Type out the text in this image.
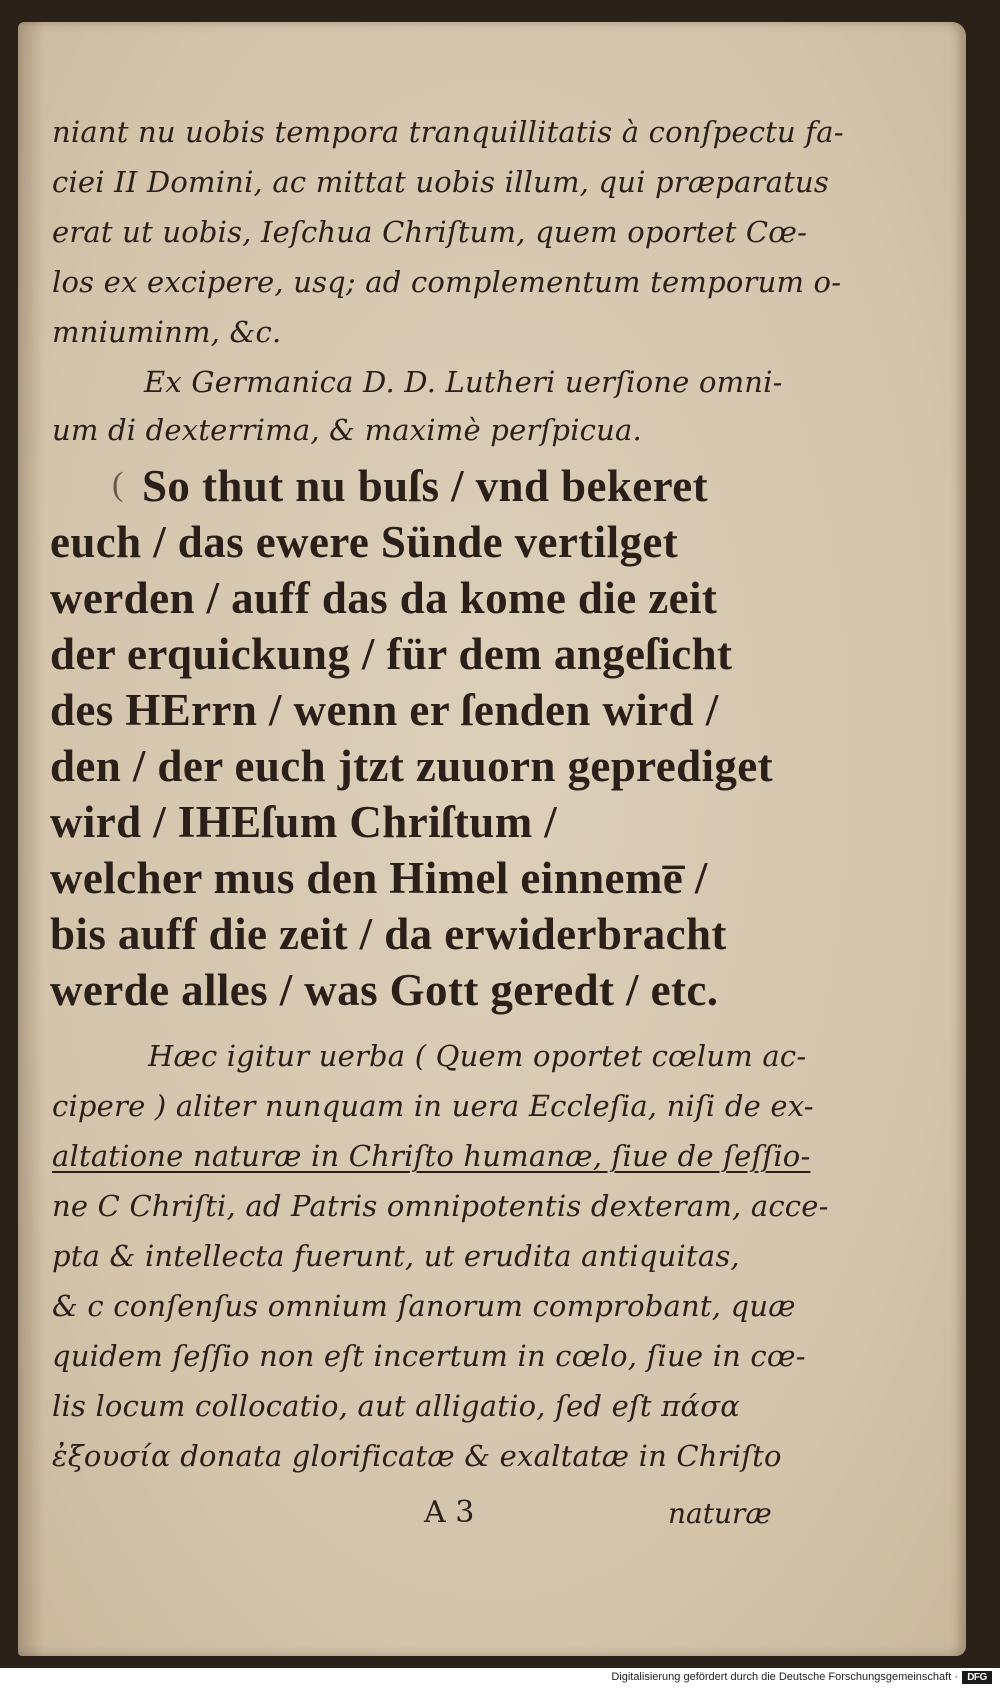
niant nu uobis tempora tranquillitatis à conſpectu fa-
ciei II Domini, ac mittat uobis illum, qui præparatus
erat ut uobis, Ieſchua Chriſtum, quem oportet Cœ-
los ex excipere, usq; ad complementum temporum o-
mniuminm, &c.
Ex Germanica D. D. Lutheri uerſione omni-
um di dexterrima, & maximè perſpicua.
( So thut nu buſs / vnd bekeret
euch / das ewere Sünde vertilget
werden / auff das da kome die zeit
der erquickung / für dem angeſicht
des HErrn / wenn er ſenden wird /
den / der euch jtzt zuuorn geprediget
wird / IHEſum Chriſtum /
welcher mus den Himel einneme̅ /
bis auff die zeit / da erwiderbracht
werde alles / was Gott geredt / etc.
Hæc igitur uerba ( Quem oportet cœlum ac-
cipere ) aliter nunquam in uera Eccleſia, niſi de ex-
altatione naturæ in Chriſto humanæ, ſiue de ſeſſio-
ne C Chriſti, ad Patris omnipotentis dexteram, acce-
pta & intellecta fuerunt, ut erudita antiquitas,
& c conſenſus omnium ſanorum comprobant, quæ
quidem ſeſſio non eſt incertum in cœlo, ſiue in cœ-
lis locum collocatio, aut alligatio, ſed eſt πάσα
ἐξουσία donata glorificatæ & exaltatæ in Chriſto
A 3	naturæ
Digitalisierung gefördert durch die Deutsche Forschungsgemeinschaft · DFG
